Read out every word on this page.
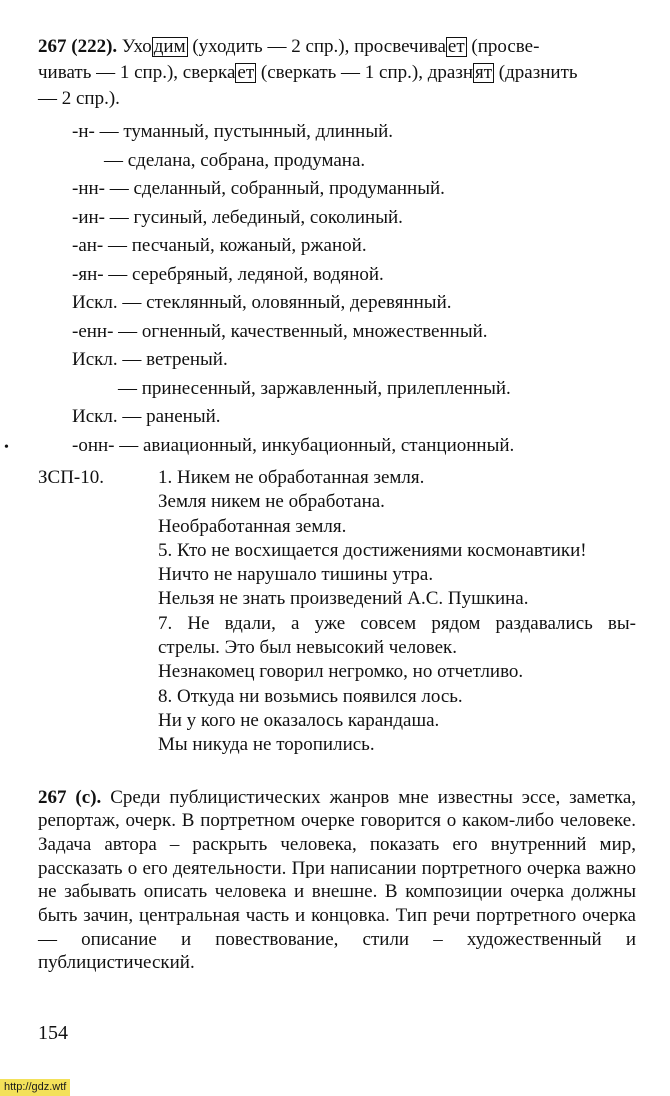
267 (222). Ухо дим (уходить — 2 спр.), просвечива ет (просве-
чивать — 1 спр.), сверка ет (сверкать — 1 спр.), дразн ят (дразнить
— 2 спр.).

-н- — туманный, пустынный, длинный.

— сделана, собрана, продумана.

-нн- — сделанный, собранный, продуманный.

-ин- — гусиный, лебединый, соколиный.

-ан- — песчаный, кожаный, ржаной.

-ян- — серебряный, ледяной, водяной.

Искл. — стеклянный, оловянный, деревянный.

-енн- — огненный, качественный, множественный.

Искл. — ветреный.

— принесенный, заржавленный, прилепленный.

Искл. — раненый.

•	-онн- — авиационный, инкубационный, станционный.

ЗСП-10.	1. Никем не обработанная земля.
Земля никем не обработана.
Необработанная земля.
5. Кто не восхищается достижениями космонавтики!
Ничто не нарушало тишины утра.
Нельзя не знать произведений А.С. Пушкина.
7. Не вдали, а уже совсем рядом раздавались вы-
стрелы. Это был невысокий человек.
Незнакомец говорил негромко, но отчетливо.
8. Откуда ни возьмись появился лось.
Ни у кого не оказалось карандаша.
Мы никуда не торопились.

267 (с). Среди публицистических жанров мне известны эссе, заметка, репортаж, очерк. В портретном очерке говорится о каком-либо человеке. Задача автора – раскрыть человека, показать его внутренний мир, рассказать о его деятельности. При написании портретного очерка важно не забывать описать человека и внешне. В композиции очерка должны быть зачин, центральная часть и концовка. Тип речи портретного очерка — описание и повествование, стили – художественный и публицистический.

154
http://gdz.wtf
